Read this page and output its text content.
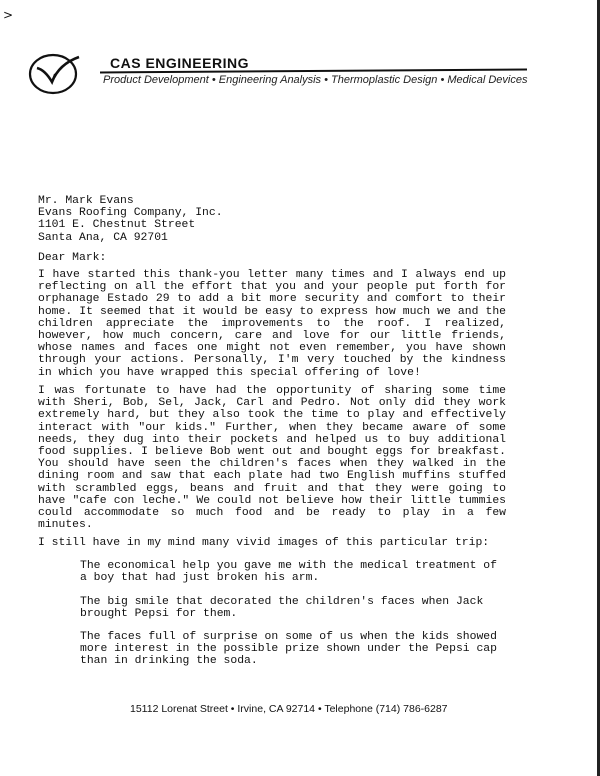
>
CAS ENGINEERING
Product Development • Engineering Analysis • Thermoplastic Design • Medical Devices
Mr. Mark Evans
Evans Roofing Company, Inc.
1101 E. Chestnut Street
Santa Ana, CA 92701
Dear Mark:
I have started this thank-you letter many times and I always end up reflecting on all the effort that you and your people put forth for orphanage Estado 29 to add a bit more security and comfort to their home. It seemed that it would be easy to express how much we and the children appreciate the improvements to the roof. I realized, however, how much concern, care and love for our little friends, whose names and faces one might not even remember, you have shown through your actions. Personally, I'm very touched by the kindness in which you have wrapped this special offering of love!
I was fortunate to have had the opportunity of sharing some time with Sheri, Bob, Sel, Jack, Carl and Pedro. Not only did they work extremely hard, but they also took the time to play and effectively interact with "our kids." Further, when they became aware of some needs, they dug into their pockets and helped us to buy additional food supplies. I believe Bob went out and bought eggs for breakfast. You should have seen the children's faces when they walked in the dining room and saw that each plate had two English muffins stuffed with scrambled eggs, beans and fruit and that they were going to have "cafe con leche." We could not believe how their little tummies could accommodate so much food and be ready to play in a few minutes.
I still have in my mind many vivid images of this particular trip:
The economical help you gave me with the medical treatment of a boy that had just broken his arm.
The big smile that decorated the children's faces when Jack brought Pepsi for them.
The faces full of surprise on some of us when the kids showed more interest in the possible prize shown under the Pepsi cap than in drinking the soda.
15112 Lorenat Street • Irvine, CA 92714 • Telephone (714) 786-6287
